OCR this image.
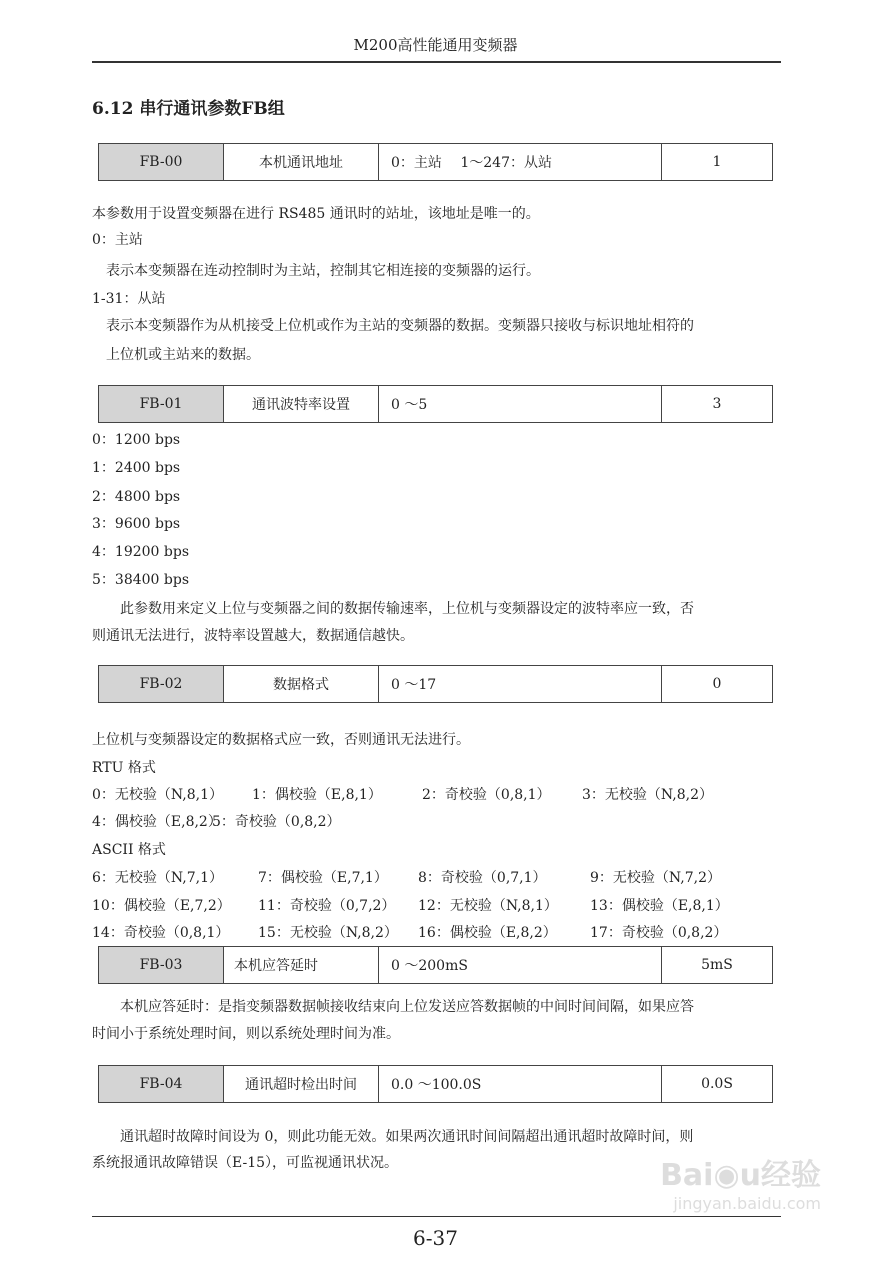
M200高性能通用变频器
6.12 串行通讯参数FB组
FB-00	本机通讯地址	0：主站　 1～247：从站	1
本参数用于设置变频器在进行 RS485 通讯时的站址，该地址是唯一的。
0：主站
表示本变频器在连动控制时为主站，控制其它相连接的变频器的运行。
1-31：从站
表示本变频器作为从机接受上位机或作为主站的变频器的数据。变频器只接收与标识地址相符的
上位机或主站来的数据。
FB-01	通讯波特率设置	0 ～5	3
0：1200 bps
1：2400 bps
2：4800 bps
3：9600 bps
4：19200 bps
5：38400 bps
此参数用来定义上位与变频器之间的数据传输速率，上位机与变频器设定的波特率应一致，否
则通讯无法进行，波特率设置越大，数据通信越快。
FB-02	数据格式	0 ～17	0
上位机与变频器设定的数据格式应一致，否则通讯无法进行。
RTU 格式
0：无校验（N,8,1） 1：偶校验（E,8,1）	2：奇校验（0,8,1） 3：无校验（N,8,2）
4：偶校验（E,8,2）
5：奇校验（0,8,2）
ASCII 格式
6：无校验（N,7,1）	7：偶校验（E,7,1） 8：奇校验（0,7,1）	9：无校验（N,7,2）
10：偶校验（E,7,2） 11：奇校验（0,7,2） 12：无校验（N,8,1） 13：偶校验（E,8,1）
14：奇校验（0,8,1） 15：无校验（N,8,2） 16：偶校验（E,8,2） 17：奇校验（0,8,2）
FB-03	本机应答延时	0 ～200mS	5mS
本机应答延时：是指变频器数据帧接收结束向上位发送应答数据帧的中间时间间隔，如果应答
时间小于系统处理时间，则以系统处理时间为准。
FB-04	通讯超时检出时间	0.0 ～100.0S	0.0S
通讯超时故障时间设为 0，则此功能无效。如果两次通讯时间间隔超出通讯超时故障时间，则
系统报通讯故障错误（E-15），可监视通讯状况。	Bai◉u经验
jingyan.baidu.com
6-37
